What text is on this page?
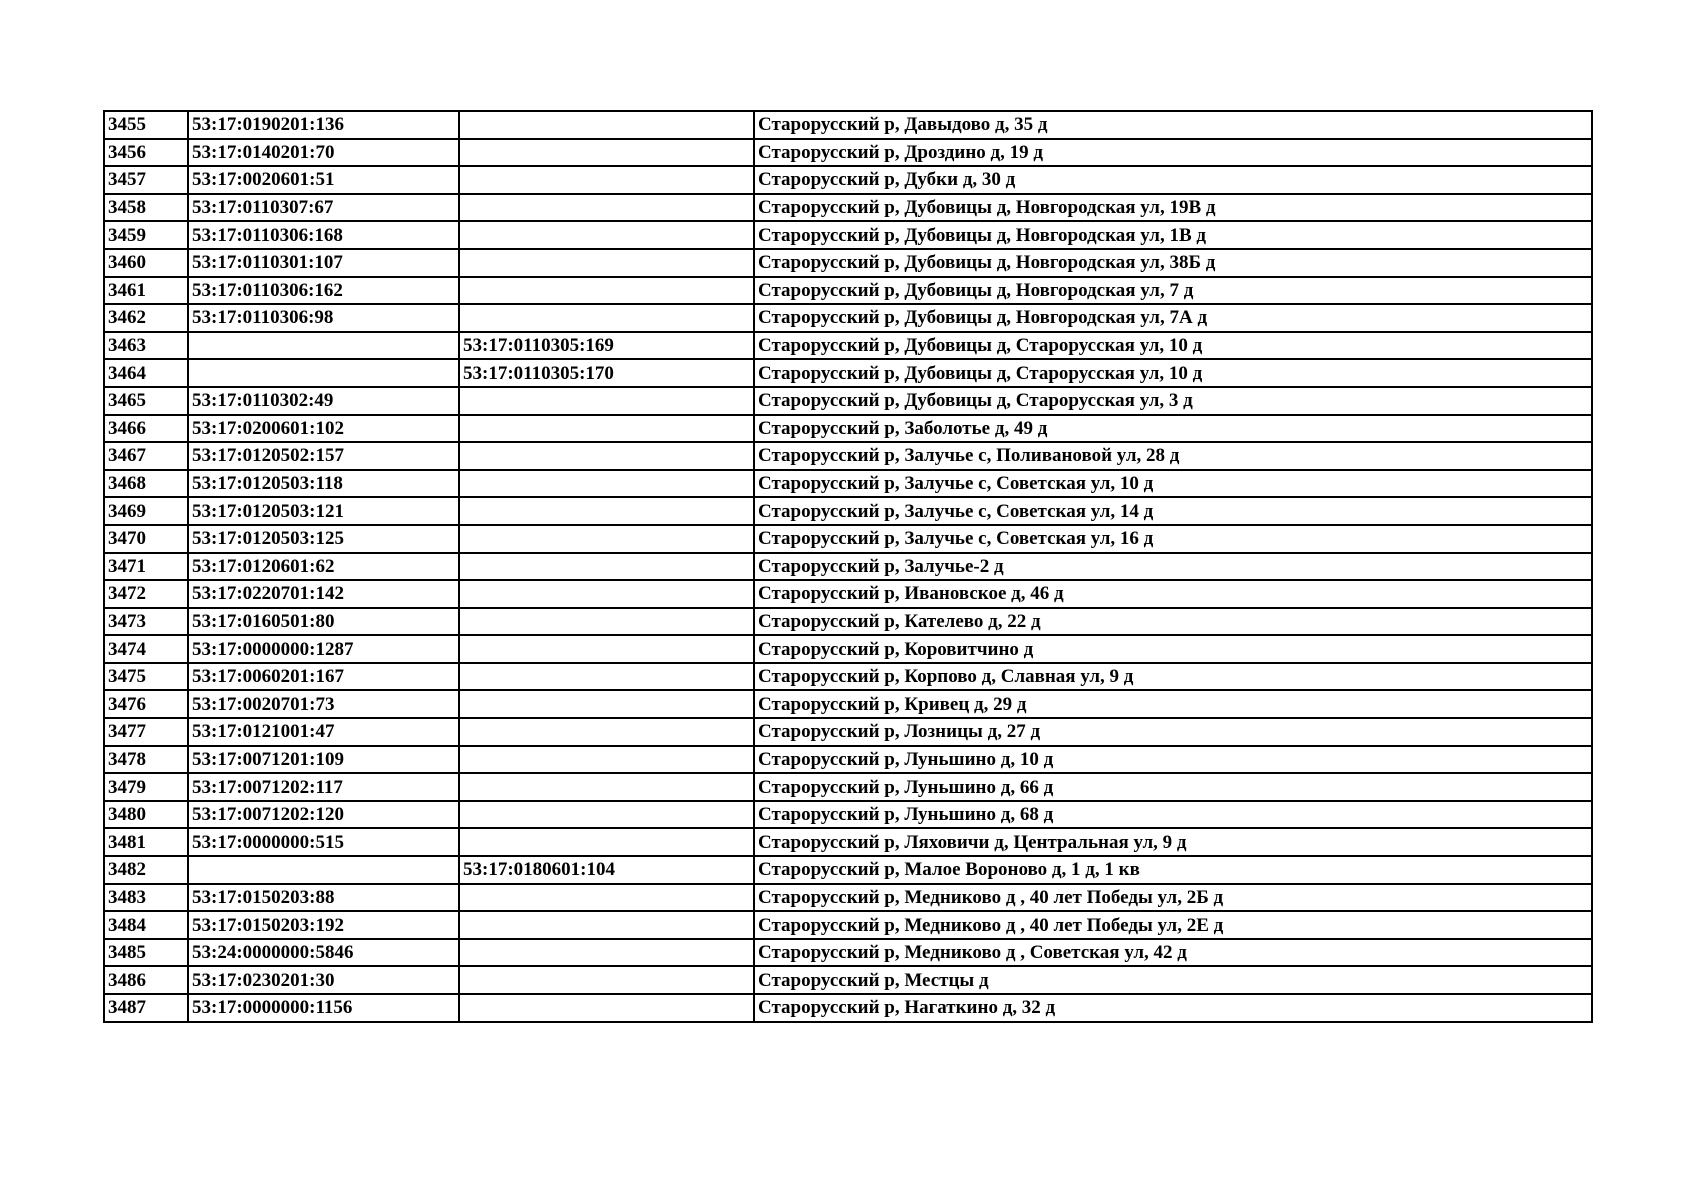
3455	53:17:0190201:136		Старорусский р, Давыдово д, 35 д
3456	53:17:0140201:70		Старорусский р, Дроздино д, 19 д
3457	53:17:0020601:51		Старорусский р, Дубки д, 30 д
3458	53:17:0110307:67		Старорусский р, Дубовицы д, Новгородская ул, 19В д
3459	53:17:0110306:168		Старорусский р, Дубовицы д, Новгородская ул, 1В д
3460	53:17:0110301:107		Старорусский р, Дубовицы д, Новгородская ул, 38Б д
3461	53:17:0110306:162		Старорусский р, Дубовицы д, Новгородская ул, 7 д
3462	53:17:0110306:98		Старорусский р, Дубовицы д, Новгородская ул, 7А д
3463		53:17:0110305:169	Старорусский р, Дубовицы д, Старорусская ул, 10 д
3464		53:17:0110305:170	Старорусский р, Дубовицы д, Старорусская ул, 10 д
3465	53:17:0110302:49		Старорусский р, Дубовицы д, Старорусская ул, 3 д
3466	53:17:0200601:102		Старорусский р, Заболотье д, 49 д
3467	53:17:0120502:157		Старорусский р, Залучье с, Поливановой ул, 28 д
3468	53:17:0120503:118		Старорусский р, Залучье с, Советская ул, 10 д
3469	53:17:0120503:121		Старорусский р, Залучье с, Советская ул, 14 д
3470	53:17:0120503:125		Старорусский р, Залучье с, Советская ул, 16 д
3471	53:17:0120601:62		Старорусский р, Залучье-2 д
3472	53:17:0220701:142		Старорусский р, Ивановское д, 46 д
3473	53:17:0160501:80		Старорусский р, Кателево д, 22 д
3474	53:17:0000000:1287		Старорусский р, Коровитчино д
3475	53:17:0060201:167		Старорусский р, Корпово д, Славная ул, 9 д
3476	53:17:0020701:73		Старорусский р, Кривец д, 29 д
3477	53:17:0121001:47		Старорусский р, Лозницы д, 27 д
3478	53:17:0071201:109		Старорусский р, Луньшино д, 10 д
3479	53:17:0071202:117		Старорусский р, Луньшино д, 66 д
3480	53:17:0071202:120		Старорусский р, Луньшино д, 68 д
3481	53:17:0000000:515		Старорусский р, Ляховичи д, Центральная ул, 9 д
3482		53:17:0180601:104	Старорусский р, Малое Вороново д, 1 д, 1 кв
3483	53:17:0150203:88		Старорусский р, Медниково д , 40 лет Победы ул, 2Б д
3484	53:17:0150203:192		Старорусский р, Медниково д , 40 лет Победы ул, 2Е д
3485	53:24:0000000:5846		Старорусский р, Медниково д , Советская ул, 42 д
3486	53:17:0230201:30		Старорусский р, Местцы д
3487	53:17:0000000:1156		Старорусский р, Нагаткино д, 32 д
